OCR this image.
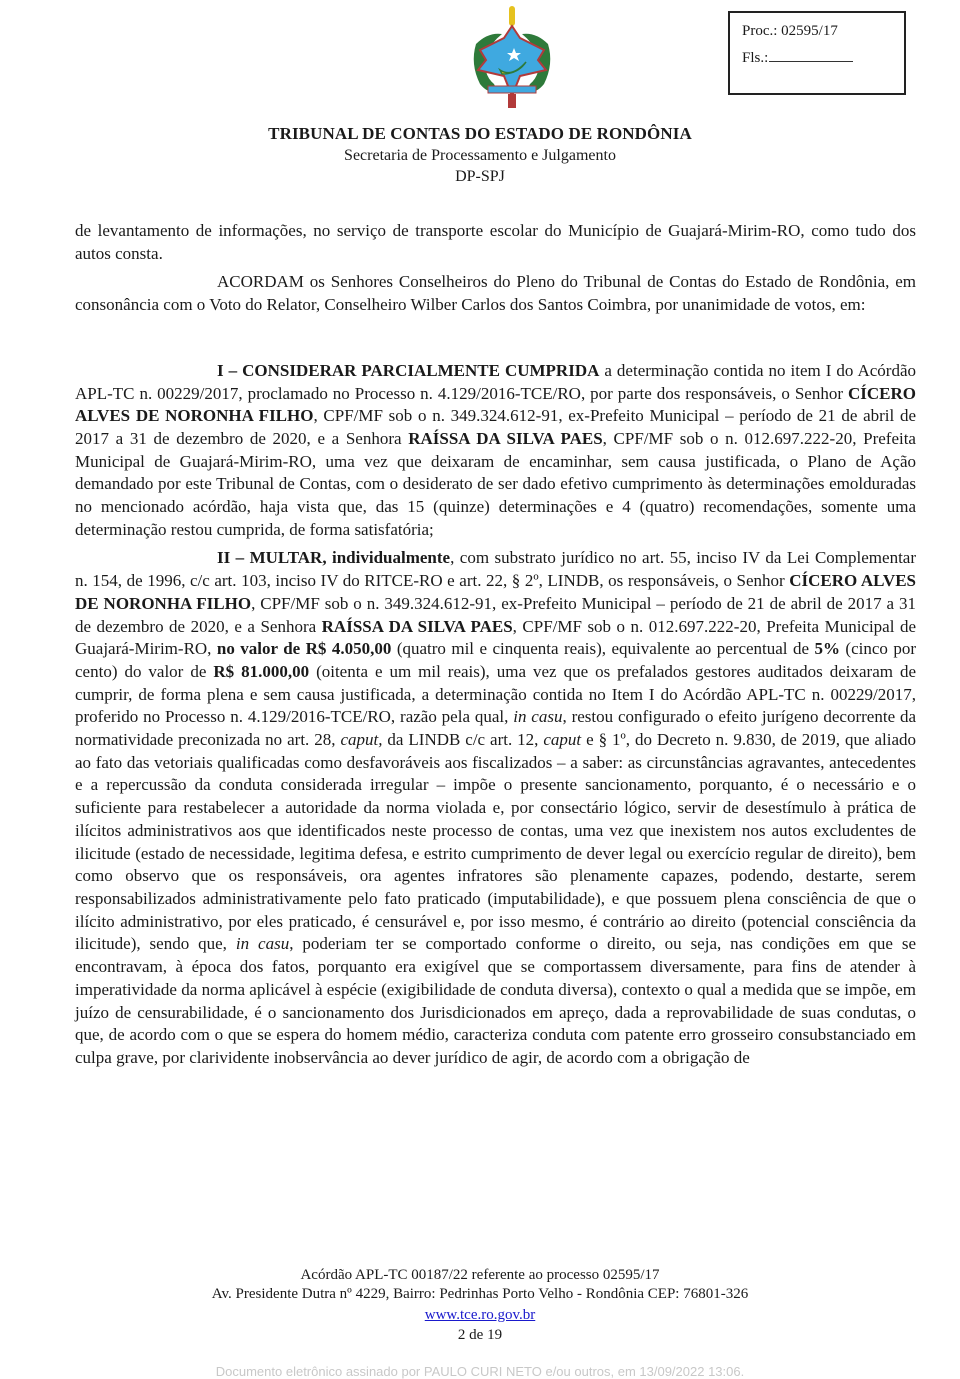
Proc.: 02595/17
Fls.:
TRIBUNAL DE CONTAS DO ESTADO DE RONDÔNIA
Secretaria de Processamento e Julgamento
DP-SPJ

de levantamento de informações, no serviço de transporte escolar do Município de Guajará-Mirim-RO, como tudo dos autos consta.

ACORDAM os Senhores Conselheiros do Pleno do Tribunal de Contas do Estado de Rondônia, em consonância com o Voto do Relator, Conselheiro Wilber Carlos dos Santos Coimbra, por unanimidade de votos, em:

I – CONSIDERAR PARCIALMENTE CUMPRIDA a determinação contida no item I do Acórdão APL-TC n. 00229/2017, proclamado no Processo n. 4.129/2016-TCE/RO, por parte dos responsáveis, o Senhor CÍCERO ALVES DE NORONHA FILHO, CPF/MF sob o n. 349.324.612-91, ex-Prefeito Municipal – período de 21 de abril de 2017 a 31 de dezembro de 2020, e a Senhora RAÍSSA DA SILVA PAES, CPF/MF sob o n. 012.697.222-20, Prefeita Municipal de Guajará-Mirim-RO, uma vez que deixaram de encaminhar, sem causa justificada, o Plano de Ação demandado por este Tribunal de Contas, com o desiderato de ser dado efetivo cumprimento às determinações emolduradas no mencionado acórdão, haja vista que, das 15 (quinze) determinações e 4 (quatro) recomendações, somente uma determinação restou cumprida, de forma satisfatória;

II – MULTAR, individualmente, com substrato jurídico no art. 55, inciso IV da Lei Complementar n. 154, de 1996, c/c art. 103, inciso IV do RITCE-RO e art. 22, § 2º, LINDB, os responsáveis, o Senhor CÍCERO ALVES DE NORONHA FILHO, CPF/MF sob o n. 349.324.612-91, ex-Prefeito Municipal – período de 21 de abril de 2017 a 31 de dezembro de 2020, e a Senhora RAÍSSA DA SILVA PAES, CPF/MF sob o n. 012.697.222-20, Prefeita Municipal de Guajará-Mirim-RO, no valor de R$ 4.050,00 (quatro mil e cinquenta reais), equivalente ao percentual de 5% (cinco por cento) do valor de R$ 81.000,00 (oitenta e um mil reais), uma vez que os prefalados gestores auditados deixaram de cumprir, de forma plena e sem causa justificada, a determinação contida no Item I do Acórdão APL-TC n. 00229/2017, proferido no Processo n. 4.129/2016-TCE/RO, razão pela qual, in casu, restou configurado o efeito jurígeno decorrente da normatividade preconizada no art. 28, caput, da LINDB c/c art. 12, caput e § 1º, do Decreto n. 9.830, de 2019, que aliado ao fato das vetoriais qualificadas como desfavoráveis aos fiscalizados – a saber: as circunstâncias agravantes, antecedentes e a repercussão da conduta considerada irregular – impõe o presente sancionamento, porquanto, é o necessário e o suficiente para restabelecer a autoridade da norma violada e, por consectário lógico, servir de desestímulo à prática de ilícitos administrativos aos que identificados neste processo de contas, uma vez que inexistem nos autos excludentes de ilicitude (estado de necessidade, legitima defesa, e estrito cumprimento de dever legal ou exercício regular de direito), bem como observo que os responsáveis, ora agentes infratores são plenamente capazes, podendo, destarte, serem responsabilizados administrativamente pelo fato praticado (imputabilidade), e que possuem plena consciência de que o ilícito administrativo, por eles praticado, é censurável e, por isso mesmo, é contrário ao direito (potencial consciência da ilicitude), sendo que, in casu, poderiam ter se comportado conforme o direito, ou seja, nas condições em que se encontravam, à época dos fatos, porquanto era exigível que se comportassem diversamente, para fins de atender à imperatividade da norma aplicável à espécie (exigibilidade de conduta diversa), contexto o qual a medida que se impõe, em juízo de censurabilidade, é o sancionamento dos Jurisdicionados em apreço, dada a reprovabilidade de suas condutas, o que, de acordo com o que se espera do homem médio, caracteriza conduta com patente erro grosseiro consubstanciado em culpa grave, por clarividente inobservância ao dever jurídico de agir, de acordo com a obrigação de

Acórdão APL-TC 00187/22 referente ao processo 02595/17
Av. Presidente Dutra nº 4229, Bairro: Pedrinhas Porto Velho - Rondônia CEP: 76801-326
www.tce.ro.gov.br
2 de 19
Documento eletrônico assinado por PAULO CURI NETO e/ou outros, em 13/09/2022 13:06.
